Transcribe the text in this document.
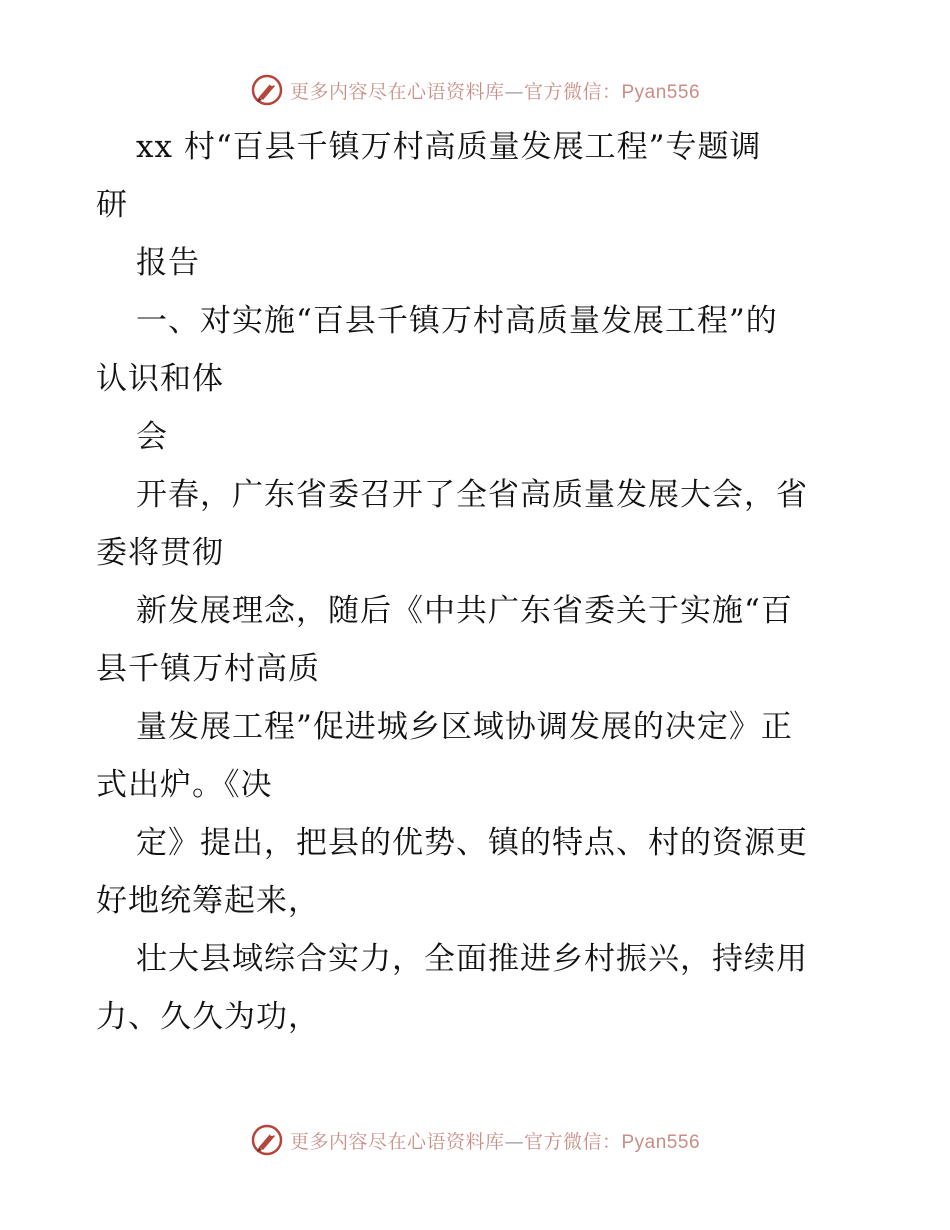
更多内容尽在心语资料库—官方微信：Pyan556
xx 村“百县千镇万村高质量发展工程”专题调
研
报告
一、对实施“百县千镇万村高质量发展工程”的
认识和体
会
开春，广东省委召开了全省高质量发展大会，省
委将贯彻
新发展理念，随后《中共广东省委关于实施“百
县千镇万村高质
量发展工程”促进城乡区域协调发展的决定》正
式出炉。《决
定》提出，把县的优势、镇的特点、村的资源更
好地统筹起来，
壮大县域综合实力，全面推进乡村振兴，持续用
力、久久为功，
更多内容尽在心语资料库—官方微信：Pyan556
